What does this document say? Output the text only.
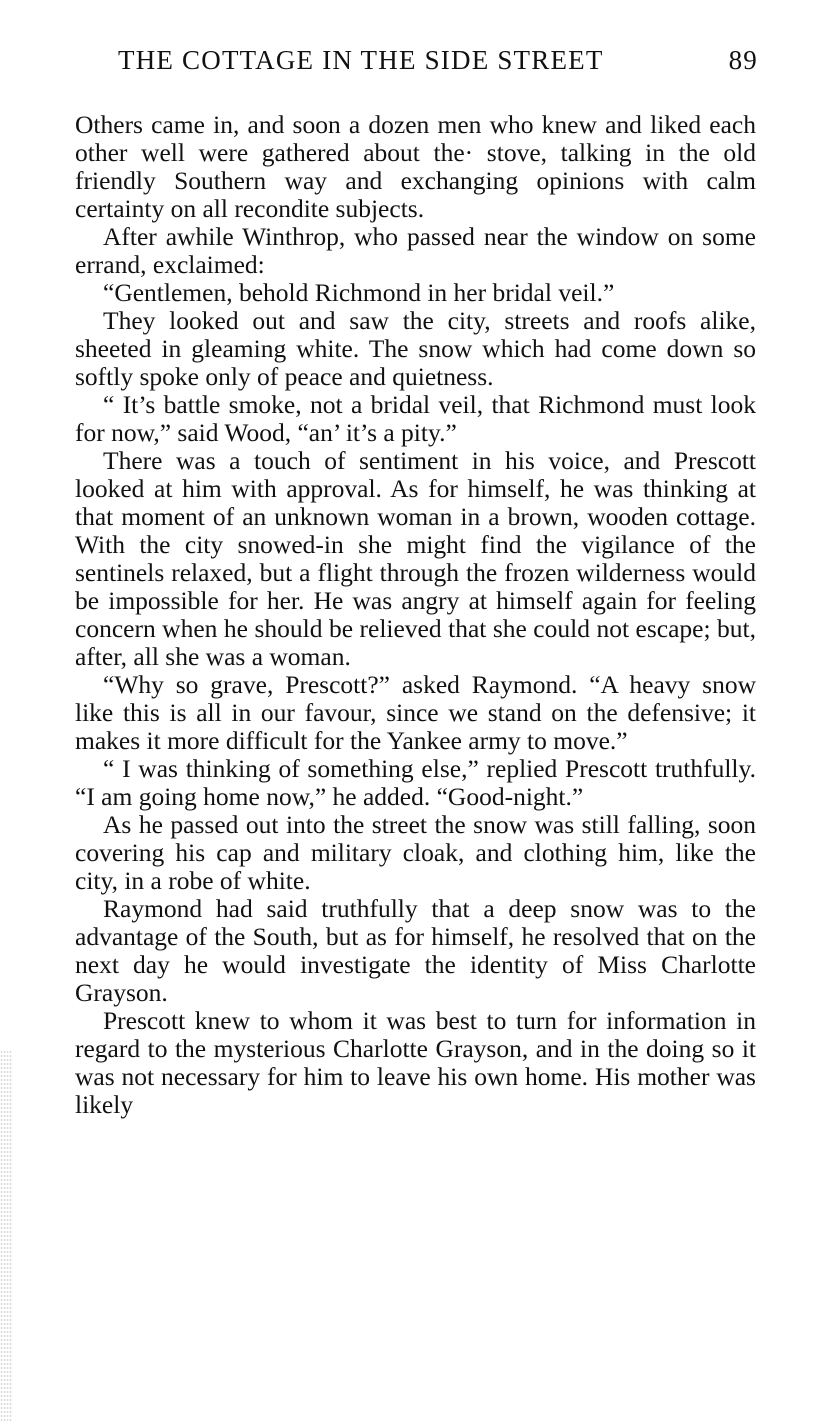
THE COTTAGE IN THE SIDE STREET	89

Others came in, and soon a dozen men who knew and liked each other well were gathered about the· stove, talking in the old friendly Southern way and exchanging opinions with calm certainty on all recondite subjects.

After awhile Winthrop, who passed near the window on some errand, exclaimed:

“Gentlemen, behold Richmond in her bridal veil.”

They looked out and saw the city, streets and roofs alike, sheeted in gleaming white. The snow which had come down so softly spoke only of peace and quietness.

“ It’s battle smoke, not a bridal veil, that Richmond must look for now,” said Wood, “an’ it’s a pity.”

There was a touch of sentiment in his voice, and Prescott looked at him with approval. As for himself, he was thinking at that moment of an unknown woman in a brown, wooden cottage. With the city snowed-in she might find the vigilance of the sentinels relaxed, but a flight through the frozen wilderness would be impossible for her. He was angry at himself again for feeling concern when he should be relieved that she could not escape; but, after, all she was a woman.

“Why so grave, Prescott?” asked Raymond. “A heavy snow like this is all in our favour, since we stand on the defensive; it makes it more difficult for the Yankee army to move.”

“ I was thinking of something else,” replied Prescott truthfully. “I am going home now,” he added. “Good-night.”

As he passed out into the street the snow was still falling, soon covering his cap and military cloak, and clothing him, like the city, in a robe of white.

Raymond had said truthfully that a deep snow was to the advantage of the South, but as for himself, he resolved that on the next day he would investigate the identity of Miss Charlotte Grayson.

Prescott knew to whom it was best to turn for information in regard to the mysterious Charlotte Grayson, and in the doing so it was not necessary for him to leave his own home. His mother was likely
